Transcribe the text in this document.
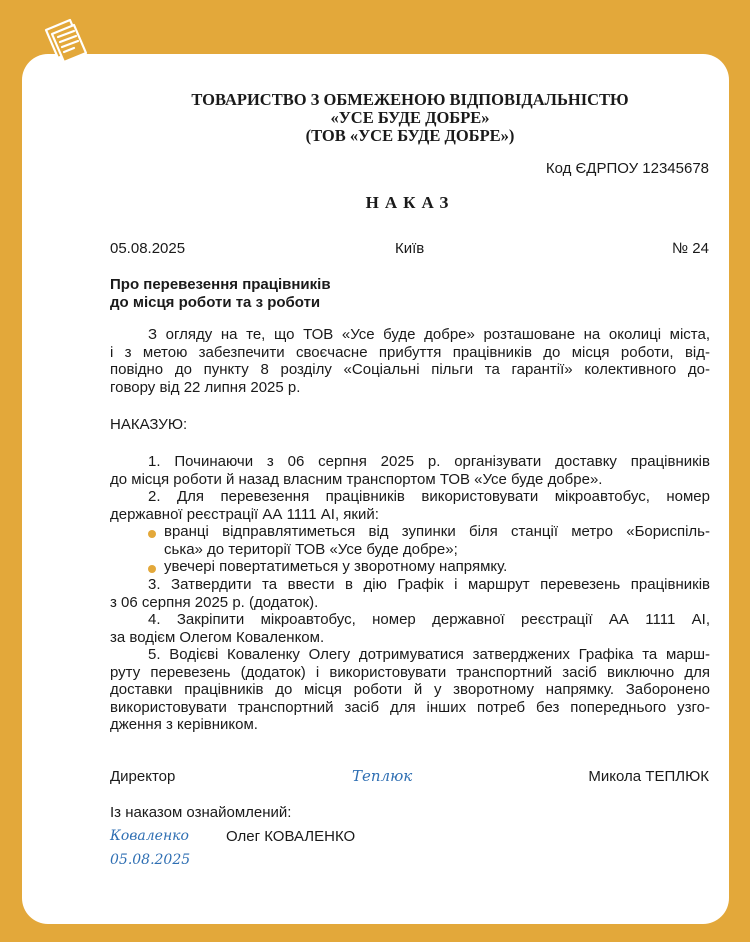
ТОВАРИСТВО З ОБМЕЖЕНОЮ ВІДПОВІДАЛЬНІСТЮ
«УСЕ БУДЕ ДОБРЕ»
(ТОВ «УСЕ БУДЕ ДОБРЕ»)
Код ЄДРПОУ 12345678
НАКАЗ
05.08.2025	Київ	№ 24
Про перевезення працівників
до місця роботи та з роботи
З огляду на те, що ТОВ «Усе буде добре» розташоване на околиці міста,
і з метою забезпечити своєчасне прибуття працівників до місця роботи, від-
повідно до пункту 8 розділу «Соціальні пільги та гарантії» колективного до-
говору від 22 липня 2025 р.
НАКАЗУЮ:
1. Починаючи з 06 серпня 2025 р. організувати доставку працівників
до місця роботи й назад власним транспортом ТОВ «Усе буде добре».
2. Для перевезення працівників використовувати мікроавтобус, номер
державної реєстрації АА 1111 АІ, який:
вранці відправлятиметься від зупинки біля станції метро «Бориспіль-
ська» до території ТОВ «Усе буде добре»;
увечері повертатиметься у зворотному напрямку.
3. Затвердити та ввести в дію Графік і маршрут перевезень працівників
з 06 серпня 2025 р. (додаток).
4. Закріпити мікроавтобус, номер державної реєстрації АА 1111 АІ,
за водієм Олегом Коваленком.
5. Водієві Коваленку Олегу дотримуватися затверджених Графіка та марш-
руту перевезень (додаток) і використовувати транспортний засіб виключно для
доставки працівників до місця роботи й у зворотному напрямку. Заборонено
використовувати транспортний засіб для інших потреб без попереднього узго-
дження з керівником.
Директор	Теплюк	Микола ТЕПЛЮК
Із наказом ознайомлений:
Коваленко Олег КОВАЛЕНКО
05.08.2025
